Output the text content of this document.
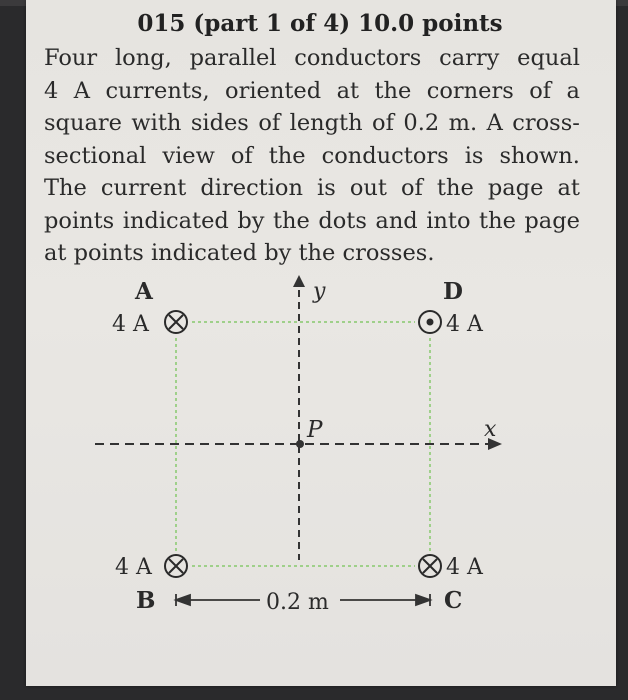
015 (part 1 of 4) 10.0 points
Four long, parallel conductors carry equal
4 A currents, oriented at the corners of a
square with sides of length of 0.2 m. A cross-
sectional view of the conductors is shown.
The current direction is out of the page at
points indicated by the dots and into the page
at points indicated by the crosses.
y
x
P
A
4 A
D
4 A
4 A
B
4 A
C
0.2 m
